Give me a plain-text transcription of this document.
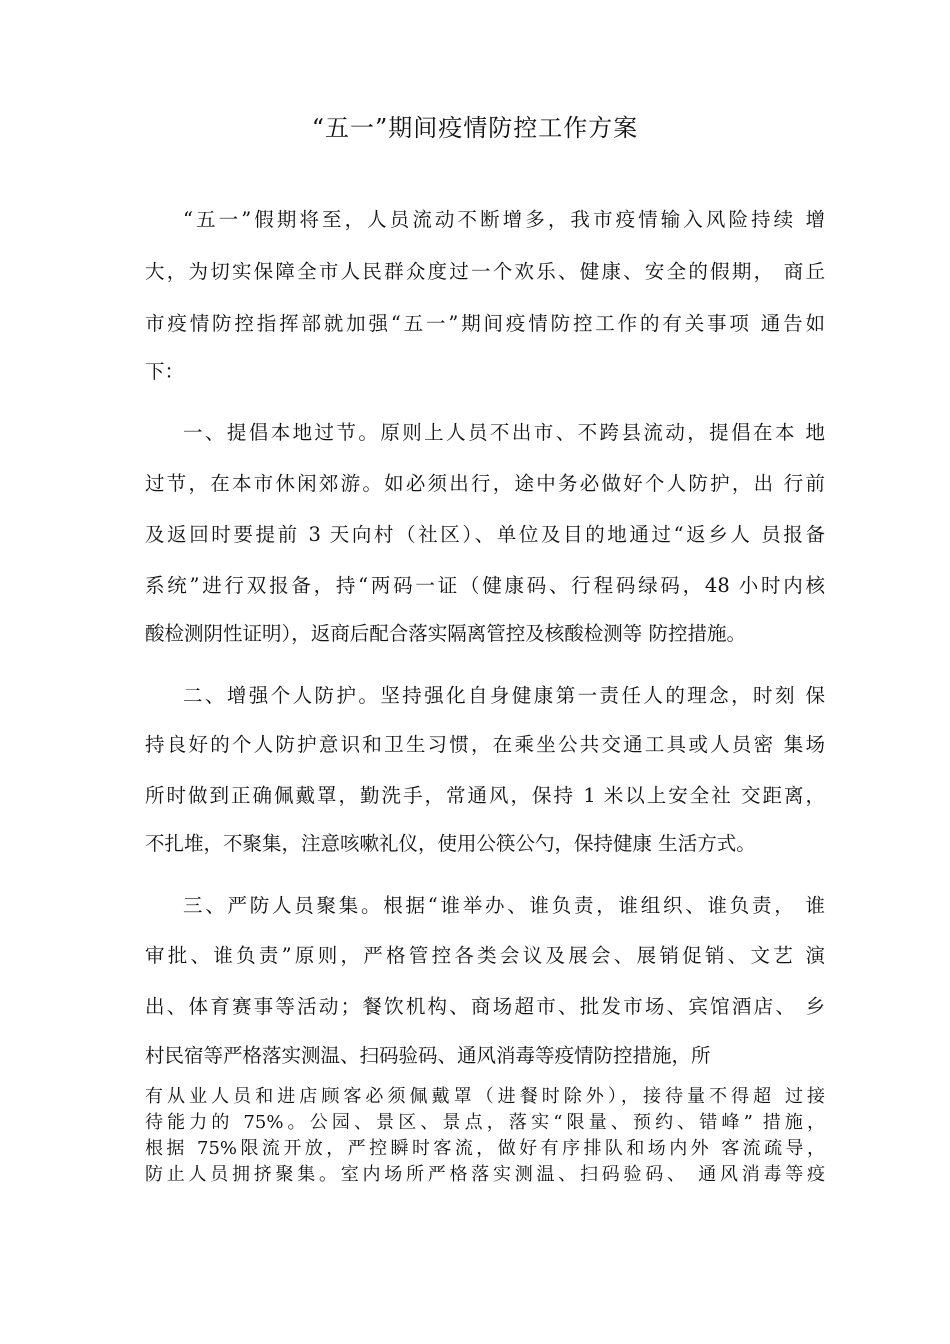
“五一”期间疫情防控工作方案
“五一”假期将至，人员流动不断增多，我市疫情输入风险持续 增
大，为切实保障全市人民群众度过一个欢乐、健康、安全的假期， 商丘
市疫情防控指挥部就加强“五一”期间疫情防控工作的有关事项 通告如
下：
一、提倡本地过节。原则上人员不出市、不跨县流动，提倡在本 地
过节，在本市休闲郊游。如必须出行，途中务必做好个人防护，出 行前
及返回时要提前 3 天向村（社区）、单位及目的地通过“返乡人 员报备
系统”进行双报备，持“两码一证（健康码、行程码绿码，48 小时内核
酸检测阴性证明），返商后配合落实隔离管控及核酸检测等 防控措施。
二、增强个人防护。坚持强化自身健康第一责任人的理念，时刻 保
持良好的个人防护意识和卫生习惯，在乘坐公共交通工具或人员密 集场
所时做到正确佩戴罩，勤洗手，常通风，保持 1 米以上安全社 交距离，
不扎堆，不聚集，注意咳嗽礼仪，使用公筷公勺，保持健康 生活方式。
三、严防人员聚集。根据“谁举办、谁负责，谁组织、谁负责， 谁
审批、谁负责”原则，严格管控各类会议及展会、展销促销、文艺 演
出、体育赛事等活动；餐饮机构、商场超市、批发市场、宾馆酒店、 乡
村民宿等严格落实测温、扫码验码、通风消毒等疫情防控措施，所
有从业人员和进店顾客必须佩戴罩（进餐时除外），接待量不得超 过接
待能力的 75%。公园、景区、景点，落实“限量、预约、错峰” 措施，
根据 75%限流开放，严控瞬时客流，做好有序排队和场内外 客流疏导，
防止人员拥挤聚集。室内场所严格落实测温、扫码验码、 通风消毒等疫
